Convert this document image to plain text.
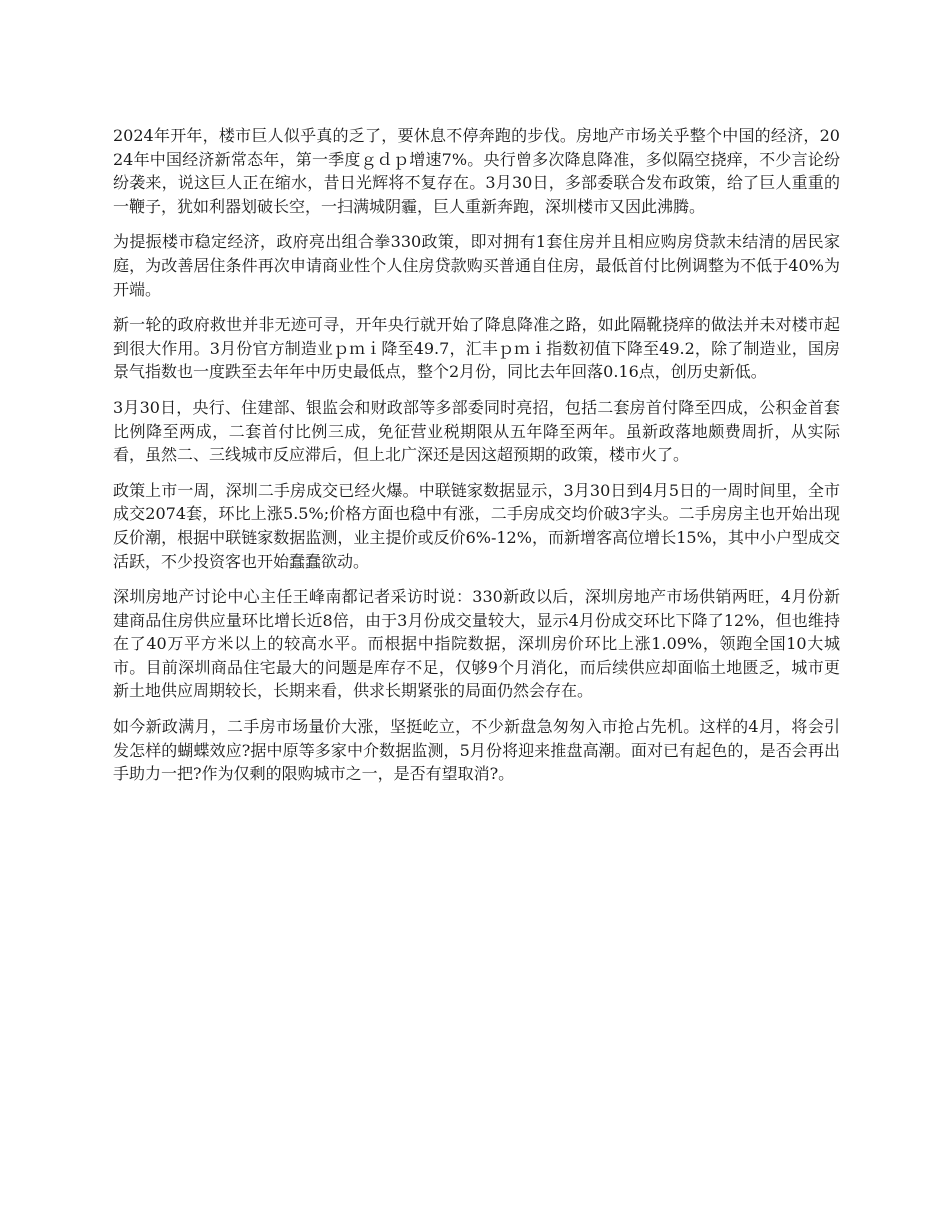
2024年开年，楼市巨人似乎真的乏了，要休息不停奔跑的步伐。房地产市场关乎整个中国的经济，2024年中国经济新常态年，第一季度ｇｄｐ增速7%。央行曾多次降息降准，多似隔空挠痒，不少言论纷纷袭来，说这巨人正在缩水，昔日光辉将不复存在。3月30日，多部委联合发布政策，给了巨人重重的一鞭子，犹如利器划破长空，一扫满城阴霾，巨人重新奔跑，深圳楼市又因此沸腾。

为提振楼市稳定经济，政府亮出组合拳330政策，即对拥有1套住房并且相应购房贷款未结清的居民家庭，为改善居住条件再次申请商业性个人住房贷款购买普通自住房，最低首付比例调整为不低于40%为开端。

新一轮的政府救世并非无迹可寻，开年央行就开始了降息降准之路，如此隔靴挠痒的做法并未对楼市起到很大作用。3月份官方制造业ｐｍｉ降至49.7，汇丰ｐｍｉ指数初值下降至49.2，除了制造业，国房景气指数也一度跌至去年年中历史最低点，整个2月份，同比去年回落0.16点，创历史新低。

3月30日，央行、住建部、银监会和财政部等多部委同时亮招，包括二套房首付降至四成，公积金首套比例降至两成，二套首付比例三成，免征营业税期限从五年降至两年。虽新政落地颇费周折，从实际看，虽然二、三线城市反应滞后，但上北广深还是因这超预期的政策，楼市火了。

政策上市一周，深圳二手房成交已经火爆。中联链家数据显示，3月30日到4月5日的一周时间里，全市成交2074套，环比上涨5.5%;价格方面也稳中有涨，二手房成交均价破3字头。二手房房主也开始出现反价潮，根据中联链家数据监测，业主提价或反价6%-12%，而新增客高位增长15%，其中小户型成交活跃，不少投资客也开始蠢蠢欲动。

深圳房地产讨论中心主任王峰南都记者采访时说：330新政以后，深圳房地产市场供销两旺，4月份新建商品住房供应量环比增长近8倍，由于3月份成交量较大，显示4月份成交环比下降了12%，但也维持在了40万平方米以上的较高水平。而根据中指院数据，深圳房价环比上涨1.09%，领跑全国10大城市。目前深圳商品住宅最大的问题是库存不足，仅够9个月消化，而后续供应却面临土地匮乏，城市更新土地供应周期较长，长期来看，供求长期紧张的局面仍然会存在。

如今新政满月，二手房市场量价大涨，坚挺屹立，不少新盘急匆匆入市抢占先机。这样的4月，将会引发怎样的蝴蝶效应?据中原等多家中介数据监测，5月份将迎来推盘高潮。面对已有起色的，是否会再出手助力一把?作为仅剩的限购城市之一，是否有望取消?。
